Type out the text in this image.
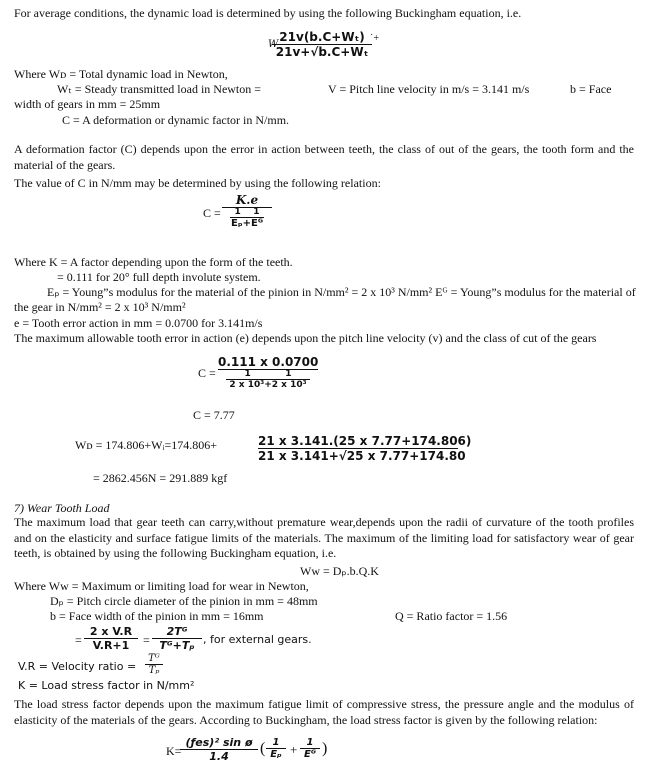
For average conditions, the dynamic load is determined by using the following Buckingham equation, i.e.
W
21v(b.C+Wₜ)
21v+√b.C+Wₜ
˙+
Where Wᴅ = Total dynamic load in Newton,
Wₜ = Steady transmitted load in Newton =	V = Pitch line velocity in m/s = 3.141 m/s	b = Face
width of gears in mm = 25mm
C = A deformation or dynamic factor in N/mm.
A deformation factor (C) depends upon the error in action between teeth, the class of out of the gears, the tooth form and the material of the gears.
The value of C in N/mm may be determined by using the following relation:
C =
K.e
1 1
Eₚ+Eᴳ
Where K = A factor depending upon the form of the teeth.
= 0.111 for 20° full depth involute system.
Eₚ = Young”s modulus for the material of the pinion in N/mm² = 2 x 10³ N/mm² Eᴳ = Young”s modulus for the material of
the gear in N/mm² = 2 x 10³ N/mm²
e = Tooth error action in mm = 0.0700 for 3.141m/s
The maximum allowable tooth error in action (e) depends upon the pitch line velocity (v) and the class of cut of the gears
C =
0.111 x 0.0700
1	1
2 x 10³+2 x 10³
C = 7.77
Wᴅ = 174.806+Wᵢ=174.806+	21 x 3.141.(25 x 7.77+174.806)
21 x 3.141+√25 x 7.77+174.80
= 2862.456N = 291.889 kgf
7) Wear Tooth Load
The maximum load that gear teeth can carry,without premature wear,depends upon the radii of curvature of the tooth profiles and on the elasticity and surface fatigue limits of the materials. The maximum of the limiting load for satisfactory wear of gear teeth, is obtained by using the following Buckingham equation, i.e.
Wᴡ = Dₚ.b.Q.K
Where Ww = Maximum or limiting load for wear in Newton,
Dₚ = Pitch circle diameter of the pinion in mm = 48mm
b = Face width of the pinion in mm = 16mm	Q = Ratio factor = 1.56
=
2 x V.R
V.R+1	=
2Tᴳ
Tᴳ+Tₚ , for external gears.
V.R = Velocity ratio =
Tᴳ
Tₚ
K = Load stress factor in N/mm²
The load stress factor depends upon the maximum fatigue limit of compressive stress, the pressure angle and the modulus of elasticity of the materials of the gears. According to Buckingham, the load stress factor is given by the following relation:
K=
(ƒes)² sin ø
1.4	( 1
Eₚ + 1
Eᴳ )
